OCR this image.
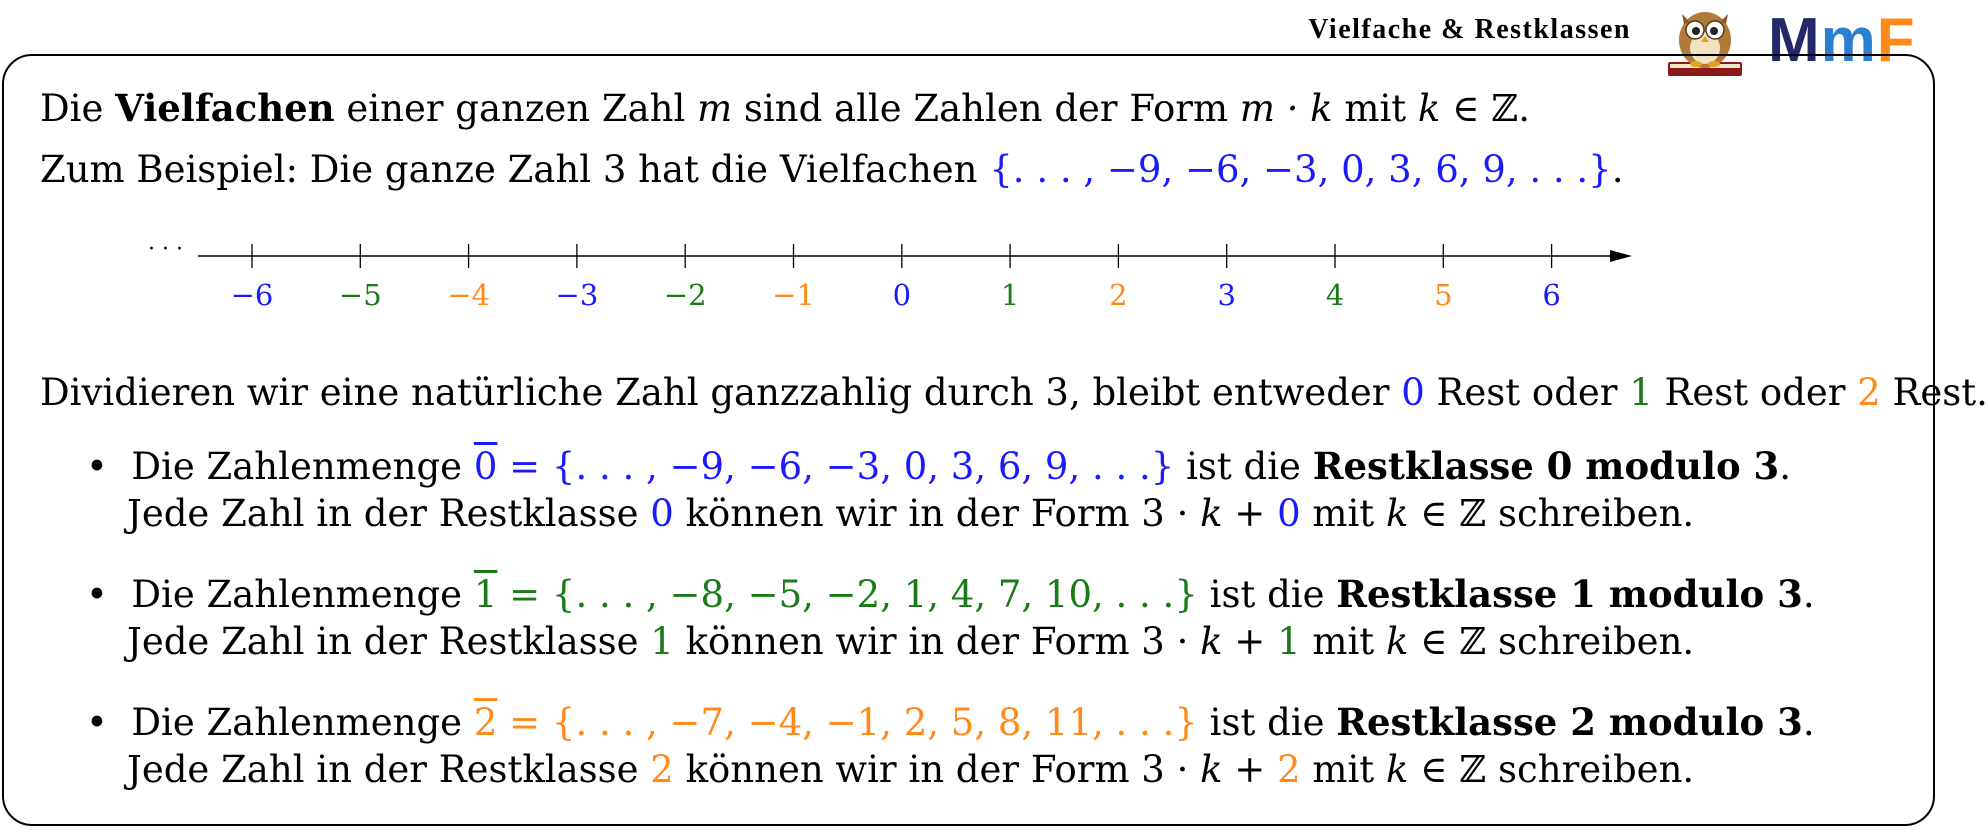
Vielfache & Restklassen MmF
Die Vielfachen einer ganzen Zahl m sind alle Zahlen der Form m · k mit k ∈ ℤ.
Zum Beispiel: Die ganze Zahl 3 hat die Vielfachen {. . . , −9, −6, −3, 0, 3, 6, 9, . . .}.
· · ·
−6 −5 −4 −3 −2 −1	0	1	2	3	4	5	6
Dividieren wir eine natürliche Zahl ganzzahlig durch 3, bleibt entweder 0 Rest oder 1 Rest oder 2 Rest.
• Die Zahlenmenge 0 = {. . . , −9, −6, −3, 0, 3, 6, 9, . . .} ist die Restklasse 0 modulo 3.
Jede Zahl in der Restklasse 0 können wir in der Form 3 · k + 0 mit k ∈ ℤ schreiben.
• Die Zahlenmenge 1 = {. . . , −8, −5, −2, 1, 4, 7, 10, . . .} ist die Restklasse 1 modulo 3.
Jede Zahl in der Restklasse 1 können wir in der Form 3 · k + 1 mit k ∈ ℤ schreiben.
• Die Zahlenmenge 2 = {. . . , −7, −4, −1, 2, 5, 8, 11, . . .} ist die Restklasse 2 modulo 3.
Jede Zahl in der Restklasse 2 können wir in der Form 3 · k + 2 mit k ∈ ℤ schreiben.
